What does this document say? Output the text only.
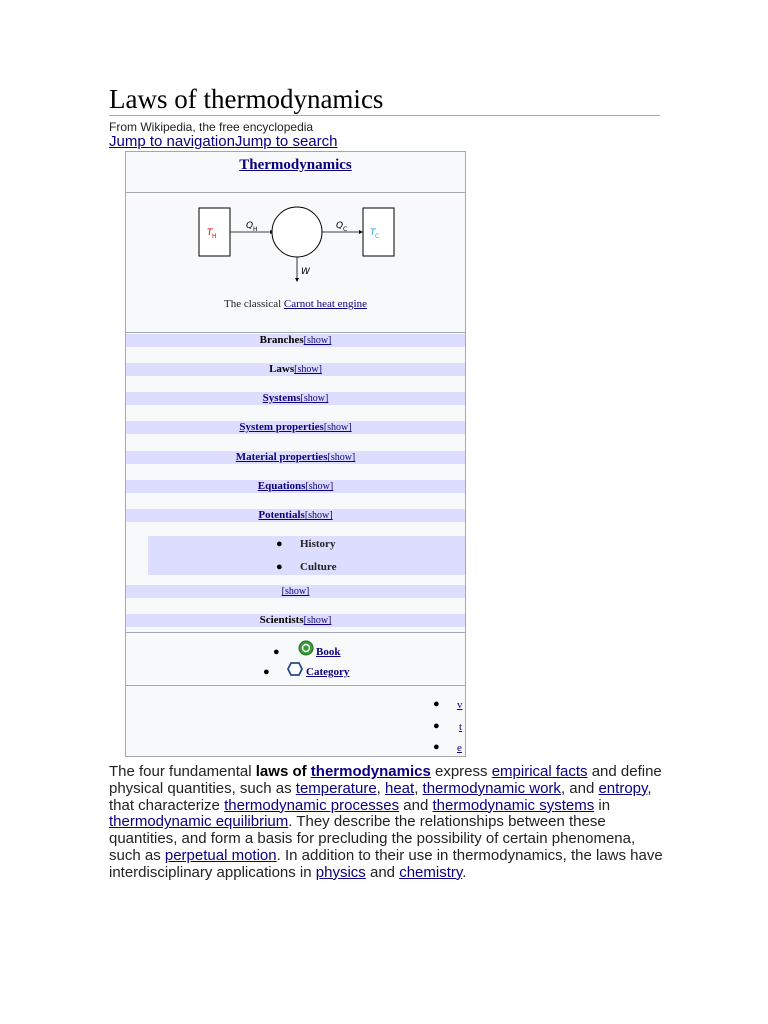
Laws of thermodynamics
From Wikipedia, the free encyclopedia
Jump to navigationJump to search
Thermodynamics
T H
Q H	Q C	T C
W
The classical Carnot heat engine
Branches[show]
Laws[show]
Systems[show]
System properties[show]
Material properties[show]
Equations[show]
Potentials[show]
● History
● Culture
[show]
Scientists[show]
●	Book
●	Category
● v
● t
● e

The four fundamental laws of thermodynamics express empirical facts and define physical quantities, such as temperature, heat, thermodynamic work, and entropy, that characterize thermodynamic processes and thermodynamic systems in thermodynamic equilibrium. They describe the relationships between these quantities, and form a basis for precluding the possibility of certain phenomena, such as perpetual motion. In addition to their use in thermodynamics, the laws have interdisciplinary applications in physics and chemistry.
